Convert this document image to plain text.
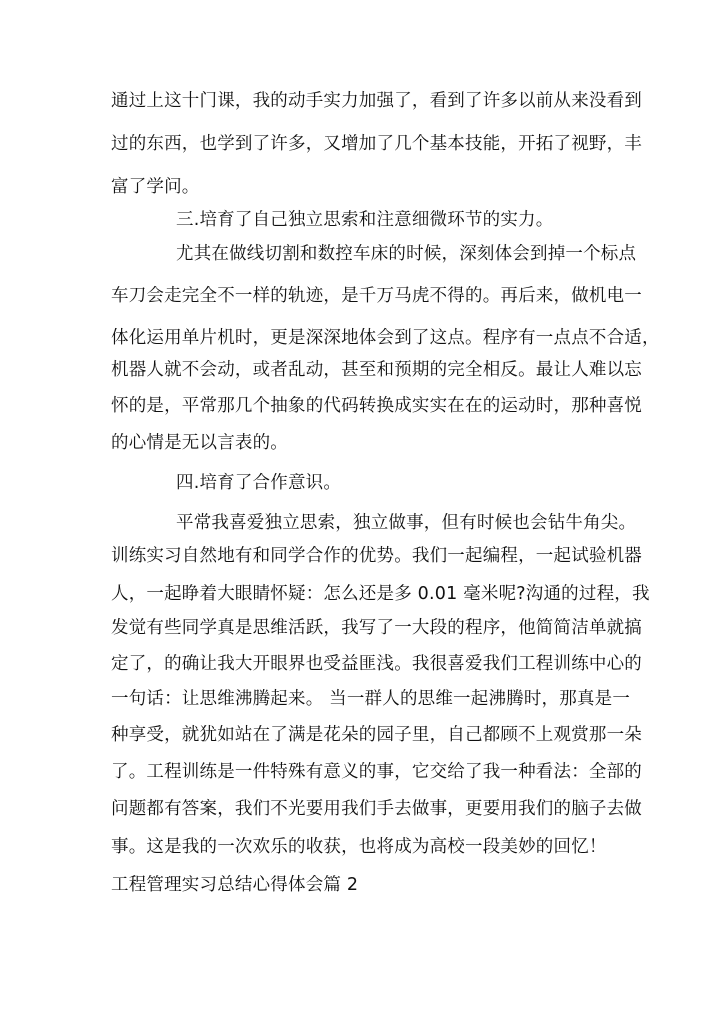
通过上这十门课，我的动手实力加强了，看到了许多以前从来没看到
过的东西，也学到了许多，又增加了几个基本技能，开拓了视野，丰
富了学问。
三.培育了自己独立思索和注意细微环节的实力。
尤其在做线切割和数控车床的时候，深刻体会到掉一个标点
车刀会走完全不一样的轨迹，是千万马虎不得的。再后来，做机电一
体化运用单片机时，更是深深地体会到了这点。程序有一点点不合适，
机器人就不会动，或者乱动，甚至和预期的完全相反。最让人难以忘
怀的是，平常那几个抽象的代码转换成实实在在的运动时，那种喜悦
的心情是无以言表的。
四.培育了合作意识。
平常我喜爱独立思索，独立做事，但有时候也会钻牛角尖。
训练实习自然地有和同学合作的优势。我们一起编程，一起试验机器
人，一起睁着大眼睛怀疑：怎么还是多 0.01 毫米呢?沟通的过程，我
发觉有些同学真是思维活跃，我写了一大段的程序，他简简洁单就搞
定了，的确让我大开眼界也受益匪浅。我很喜爱我们工程训练中心的
一句话：让思维沸腾起来。 当一群人的思维一起沸腾时，那真是一
种享受，就犹如站在了满是花朵的园子里，自己都顾不上观赏那一朵
了。工程训练是一件特殊有意义的事，它交给了我一种看法：全部的
问题都有答案，我们不光要用我们手去做事，更要用我们的脑子去做
事。这是我的一次欢乐的收获，也将成为高校一段美妙的回忆！
工程管理实习总结心得体会篇 2
